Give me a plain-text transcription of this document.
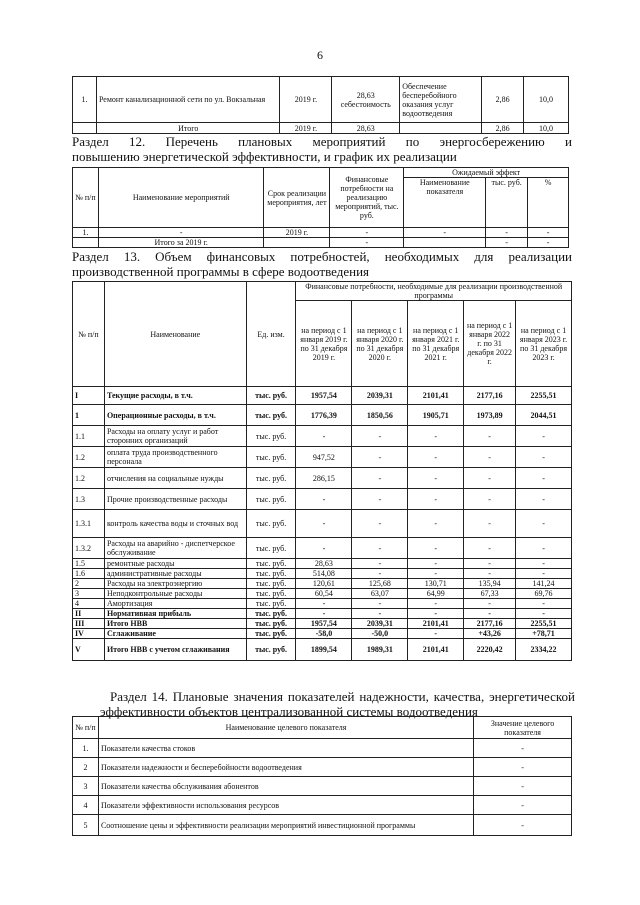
6
1.	Ремонт канализационной сети по ул. Вокзальная	2019 г.	28,63 себестоимость	Обеспечение бесперебойного оказания услуг водоотведения	2,86	10,0
	Итого	2019 г.	28,63		2,86	10,0
Раздел 12. Перечень плановых мероприятий по энергосбережению и
повышению энергетической эффективности, и график их реализации
№ п/п	Наименование мероприятий	Срок реализации мероприятия, лет	Финансовые потребности на реализацию мероприятий, тыс. руб.	Ожидаемый эффект		
				Наименование показателя	тыс. руб.	%
1.	-	2019 г.	-	-	-	-
	Итого за 2019 г.		-		-	-
Раздел 13. Объем финансовых потребностей, необходимых для реализации
производственной программы в сфере водоотведения
№ п/п	Наименование	Ед. изм.	Финансовые потребности, необходимые для реализации производственной программы				
			на период с 1 января 2019 г. по 31 декабря 2019 г.	на период с 1 января 2020 г. по 31 декабря 2020 г.	на период с 1 января 2021 г. по 31 декабря 2021 г.	на период с 1 января 2022 г. по 31 декабря 2022 г.	на период с 1 января 2023 г. по 31 декабря 2023 г.
I	Текущие расходы, в т.ч.	тыс. руб.	1957,54	2039,31	2101,41	2177,16	2255,51
1	Операционные расходы, в т.ч.	тыс. руб.	1776,39	1850,56	1905,71	1973,89	2044,51
1.1	Расходы на оплату услуг и работ сторонних организаций	тыс. руб.	-	-	-	-	-
1.2	оплата труда производственного персонала	тыс. руб.	947,52	-	-	-	-
1.2	отчисления на социальные нужды	тыс. руб.	286,15	-	-	-	-
1.3	Прочие производственные расходы	тыс. руб.	-	-	-	-	-
1.3.1	контроль качества воды и сточных вод	тыс. руб.	-	-	-	-	-
1.3.2	Расходы на аварийно - диспетчерское обслуживание	тыс. руб.	-	-	-	-	-
1.5	ремонтные расходы	тыс. руб.	28,63	-	-	-	-
1.6	административные расходы	тыс. руб.	514,08	-	-	-	-
2	Расходы на электроэнергию	тыс. руб.	120,61	125,68	130,71	135,94	141,24
3	Неподконтрольные расходы	тыс. руб.	60,54	63,07	64,99	67,33	69,76
4	Амортизация	тыс. руб.	-	-	-	-	-
II	Нормативная прибыль	тыс. руб.	-	-	-	-	-
III	Итого НВВ	тыс. руб.	1957,54	2039,31	2101,41	2177,16	2255,51
IV	Сглаживание	тыс. руб.	-58,0	-50,0	-	+43,26	+78,71
V	Итого НВВ с учетом сглаживания	тыс. руб.	1899,54	1989,31	2101,41	2220,42	2334,22
Раздел 14. Плановые значения показателей надежности, качества, энергетической
эффективности объектов централизованной системы водоотведения
№ п/п	Наименование целевого показателя	Значение целевого показателя
1.	Показатели качества стоков	-
2	Показатели надежности и бесперебойности водоотведения	-
3	Показатели качества обслуживания абонентов	-
4	Показатели эффективности использования ресурсов	-
5	Соотношение цены и эффективности реализации мероприятий инвестиционной программы	-
